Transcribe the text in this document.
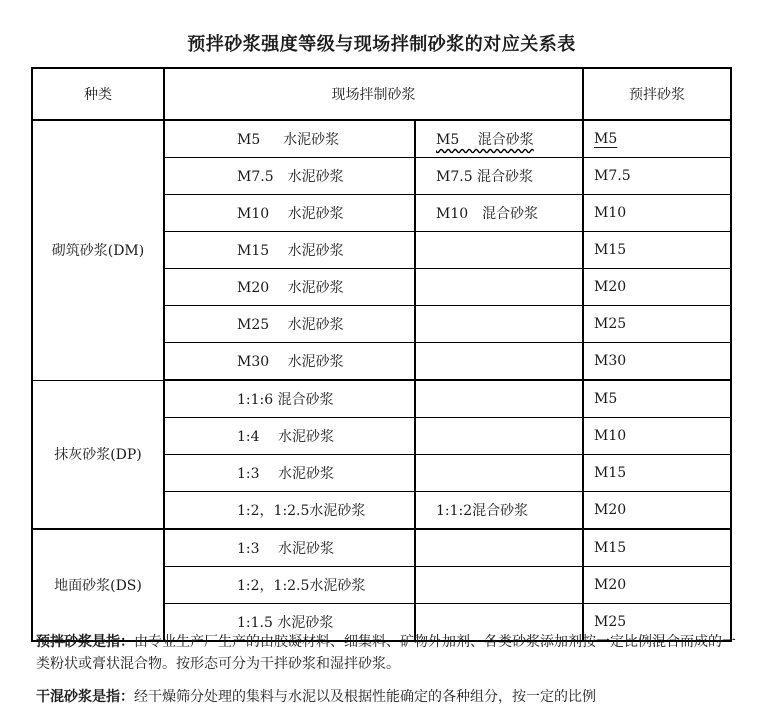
预拌砂浆强度等级与现场拌制砂浆的对应关系表
种类	现场拌制砂浆		预拌砂浆
砌筑砂浆(DM)	M5 　 水泥砂浆	M5 　混合砂浆	M5
	M7.5　水泥砂浆	M7.5 混合砂浆	M7.5
	M10 　水泥砂浆	M10　混合砂浆	M10
	M15 　水泥砂浆		M15
	M20 　水泥砂浆		M20
	M25 　水泥砂浆		M25
	M30 　水泥砂浆		M30
抹灰砂浆(DP)	1:1:6 混合砂浆		M5
	1:4 　水泥砂浆		M10
	1:3 　水泥砂浆		M15
	1:2，1:2.5水泥砂浆	1:1:2混合砂浆	M20
地面砂浆(DS)	1:3 　水泥砂浆		M15
	1:2，1:2.5水泥砂浆		M20
	1:1.5 水泥砂浆		M25
预拌砂浆是指：由专业生产厂生产的由胶凝材料、细集料、矿物外加剂、各类砂浆添加剂按一定比例混合而成的一类粉状或膏状混合物。按形态可分为干拌砂浆和湿拌砂浆。
干混砂浆是指：经干燥筛分处理的集料与水泥以及根据性能确定的各种组分，按一定的比例
